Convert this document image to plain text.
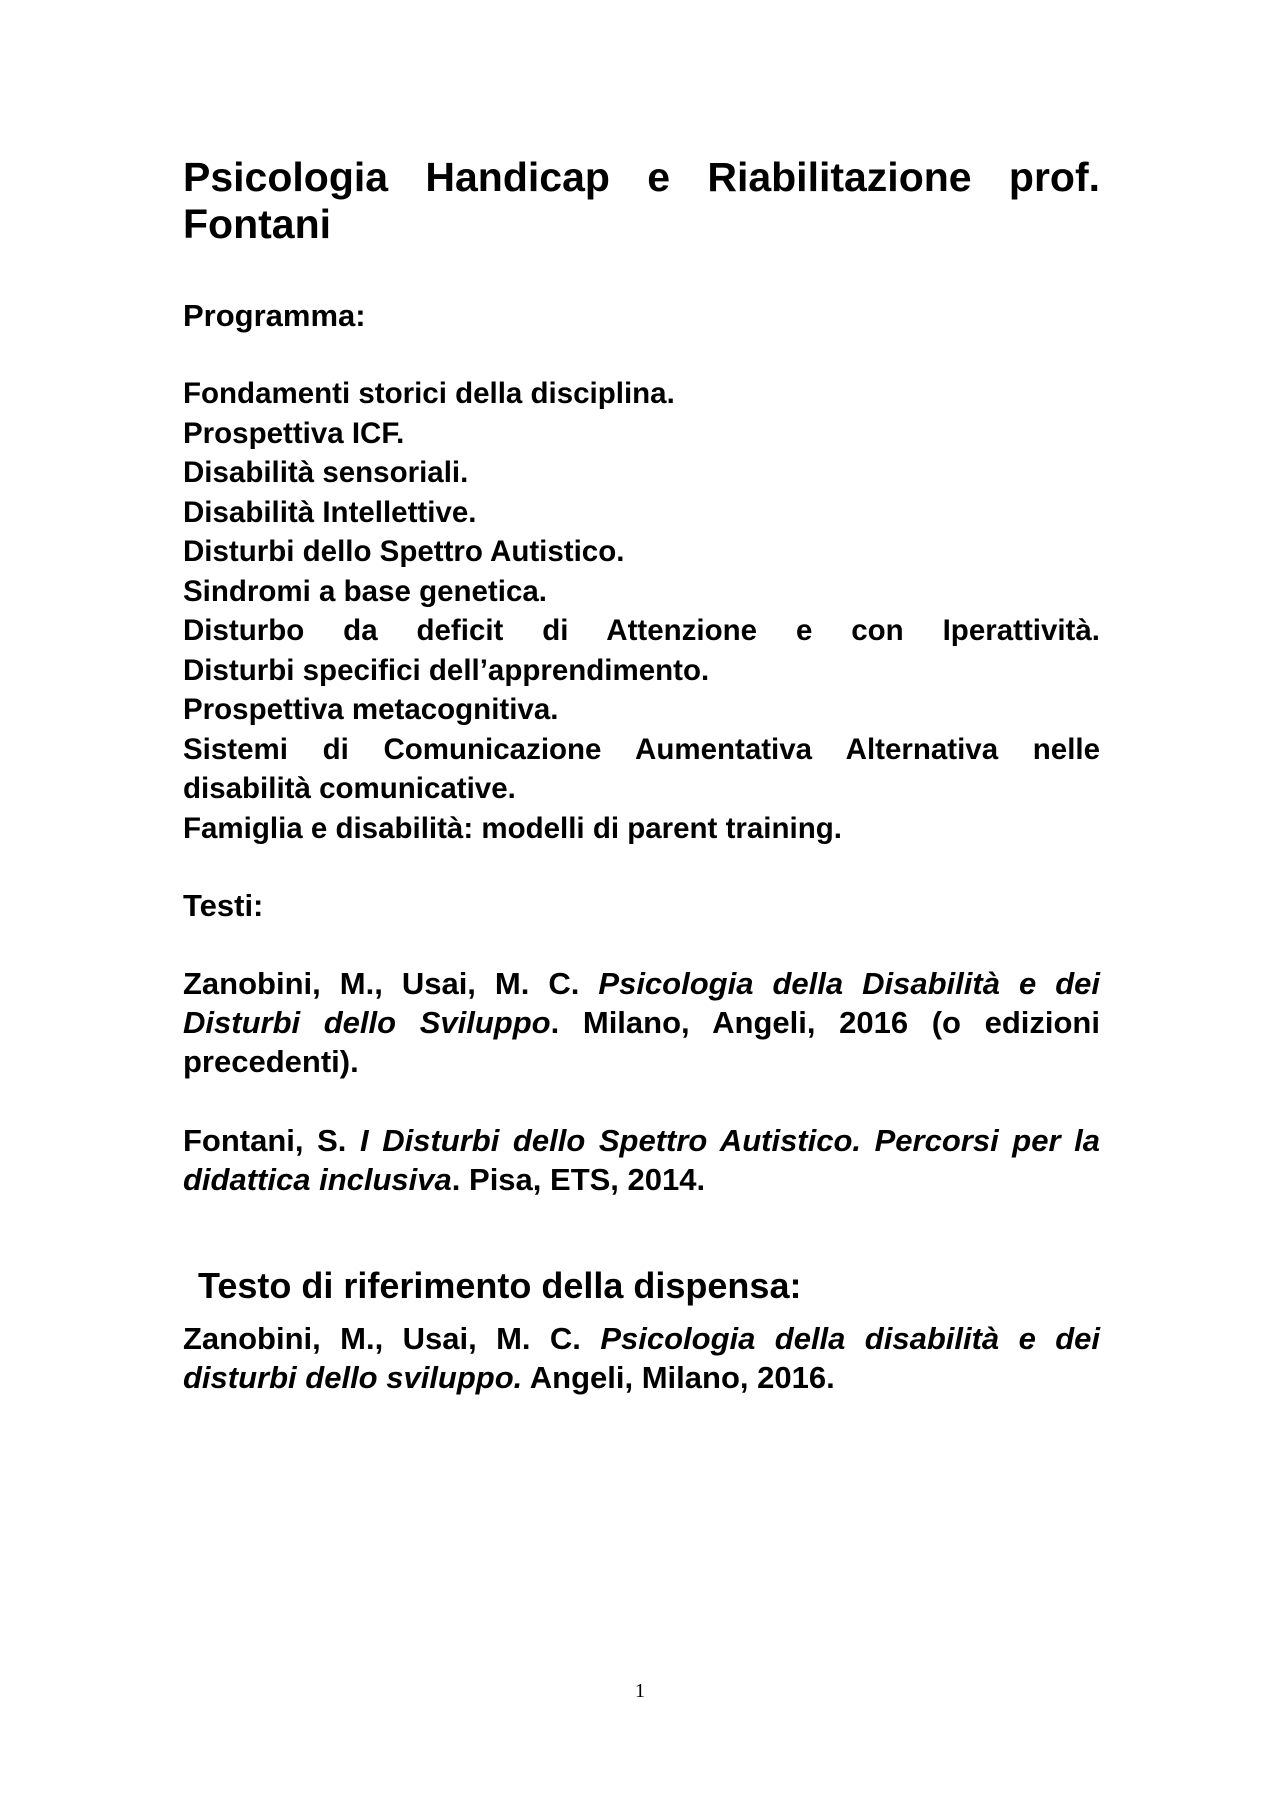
Psicologia Handicap e Riabilitazione prof. Fontani
Programma:
Fondamenti storici della disciplina.
Prospettiva ICF.
Disabilità sensoriali.
Disabilità Intellettive.
Disturbi dello Spettro Autistico.
Sindromi a base genetica.
Disturbo da deficit di Attenzione e con Iperattività.
Disturbi specifici dell’apprendimento.
Prospettiva metacognitiva.
Sistemi di Comunicazione Aumentativa Alternativa nelle disabilità comunicative.
Famiglia e disabilità: modelli di parent training.
Testi:

Zanobini, M., Usai, M. C. Psicologia della Disabilità e dei Disturbi dello Sviluppo. Milano, Angeli, 2016 (o edizioni precedenti).

Fontani, S. I Disturbi dello Spettro Autistico. Percorsi per la didattica inclusiva. Pisa, ETS, 2014.

Testo di riferimento della dispensa:

Zanobini, M., Usai, M. C. Psicologia della disabilità e dei disturbi dello sviluppo. Angeli, Milano, 2016.

1
